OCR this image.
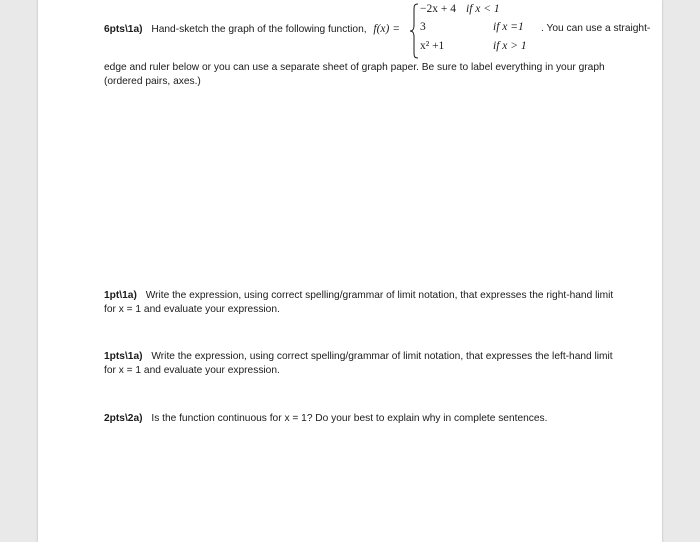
6pts\1a) Hand-sketch the graph of the following function, f(x) =
−2x + 4 if x < 1
3	if x =1
x² +1	if x > 1
. You can use a straight-
edge and ruler below or you can use a separate sheet of graph paper. Be sure to label everything in your graph (ordered pairs, axes.)
1pt\1a) Write the expression, using correct spelling/grammar of limit notation, that expresses the right-hand limit for x = 1 and evaluate your expression.
1pts\1a) Write the expression, using correct spelling/grammar of limit notation, that expresses the left-hand limit for x = 1 and evaluate your expression.
2pts\2a) Is the function continuous for x = 1? Do your best to explain why in complete sentences.
